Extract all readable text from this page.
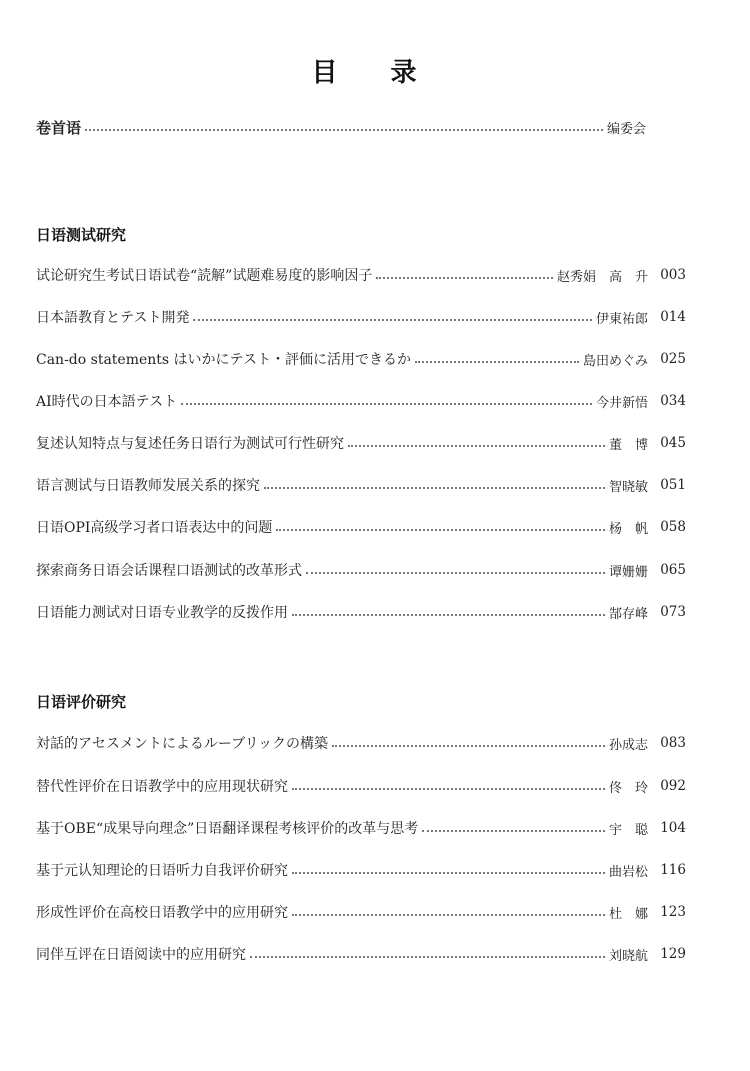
目 录
卷首语	编委会
日语测试研究
试论研究生考试日语试卷“読解”试题难易度的影响因子	赵秀娟　高　升 003
日本語教育とテスト開発	伊東祐郎 014
Can-do statements はいかにテスト・評価に活用できるか	島田めぐみ 025
AI時代の日本語テスト	今井新悟 034
复述认知特点与复述任务日语行为测试可行性研究	董　博 045
语言测试与日语教师发展关系的探究	智晓敏 051
日语OPI高级学习者口语表达中的问题	杨　帆 058
探索商务日语会话课程口语测试的改革形式	谭姗姗 065
日语能力测试对日语专业教学的反拨作用	郜存峰 073
日语评价研究
対話的アセスメントによるルーブリックの構築	孙成志 083
替代性评价在日语教学中的应用现状研究	佟　玲 092
基于OBE“成果导向理念”日语翻译课程考核评价的改革与思考	宇　聪 104
基于元认知理论的日语听力自我评价研究	曲岩松 116
形成性评价在高校日语教学中的应用研究	杜　娜 123
同伴互评在日语阅读中的应用研究	刘晓航 129
